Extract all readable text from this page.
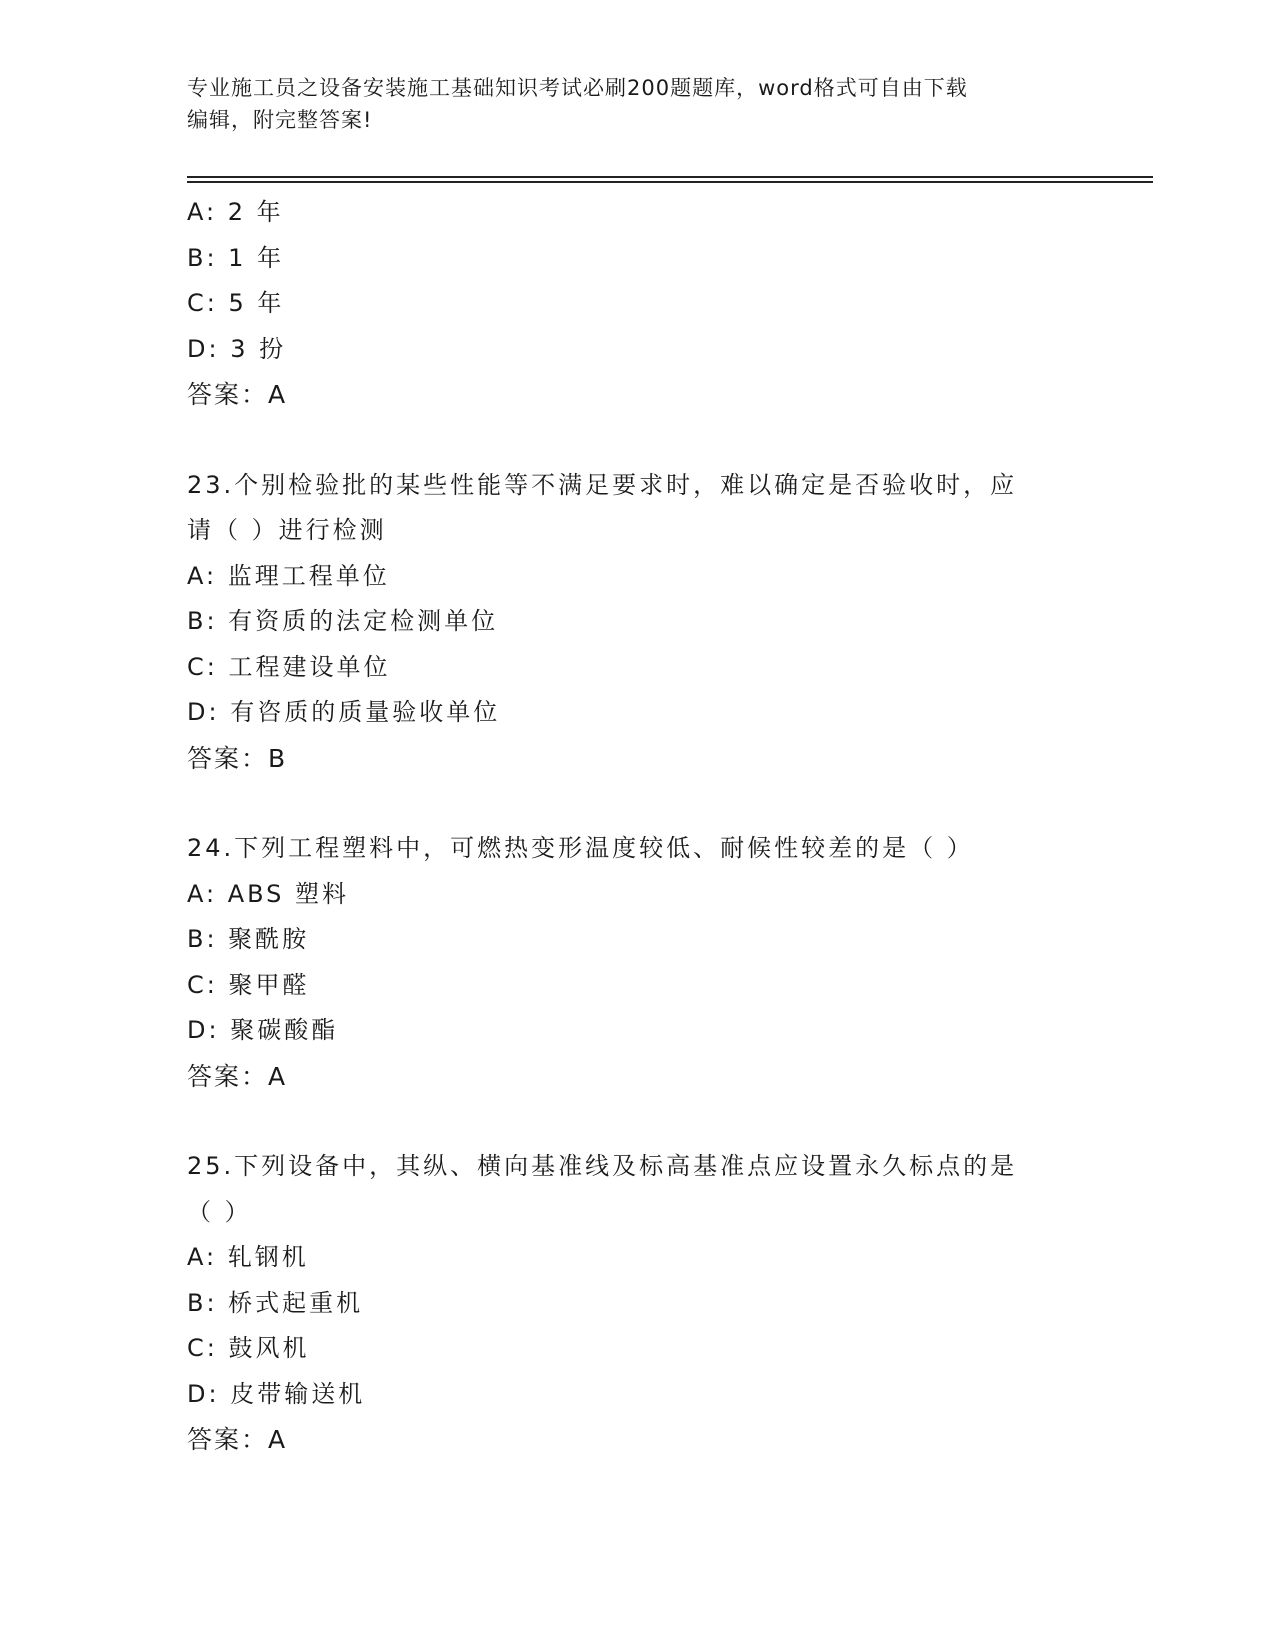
专业施工员之设备安装施工基础知识考试必刷200题题库，word格式可自由下载
编辑，附完整答案!
A: 2 年
B: 1 年
C: 5 年
D: 3 扮
答案：A
23.个别检验批的某些性能等不满足要求时，难以确定是否验收时，应
请（ ）进行检测
A: 监理工程单位
B: 有资质的法定检测单位
C: 工程建设单位
D: 有咨质的质量验收单位
答案：B
24.下列工程塑料中，可燃热变形温度较低、耐候性较差的是（ ）
A: ABS 塑料
B: 聚酰胺
C: 聚甲醛
D: 聚碳酸酯
答案：A
25.下列设备中，其纵、横向基准线及标高基准点应设置永久标点的是
（ ）
A: 轧钢机
B: 桥式起重机
C: 鼓风机
D: 皮带输送机
答案：A
